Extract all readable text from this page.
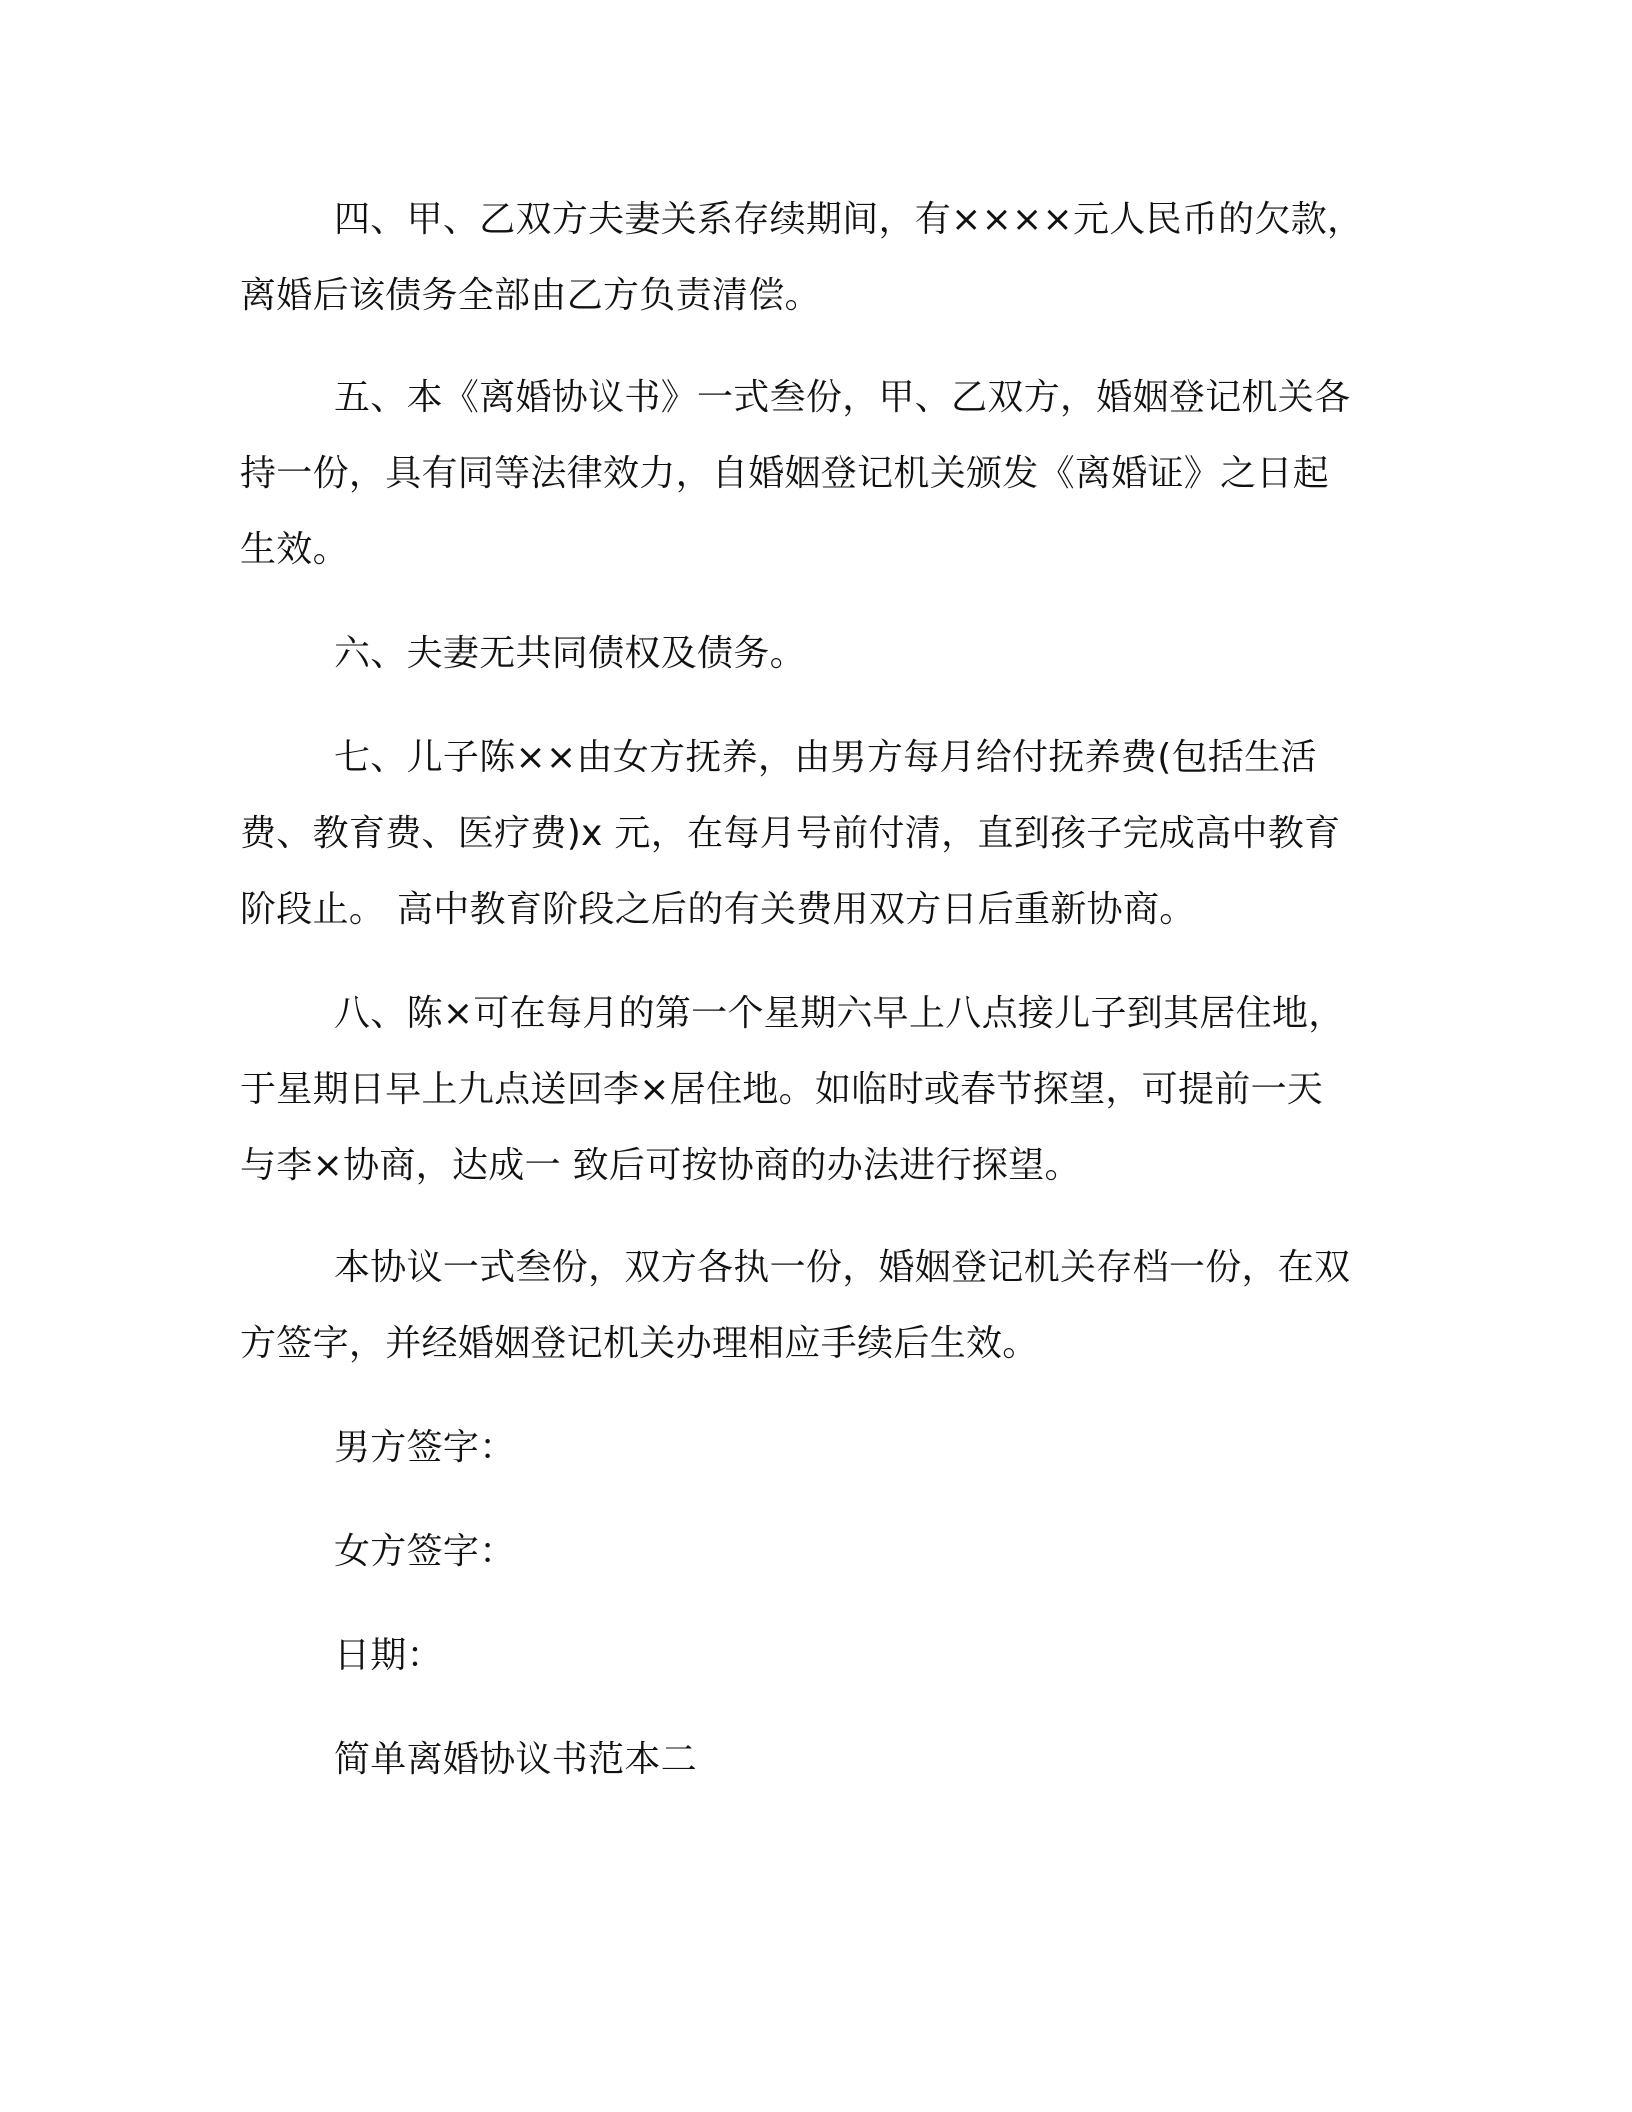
四、甲、乙双方夫妻关系存续期间，有××××元人民币的欠款，
离婚后该债务全部由乙方负责清偿。
五、本《离婚协议书》一式叁份，甲、乙双方，婚姻登记机关各
持一份，具有同等法律效力，自婚姻登记机关颁发《离婚证》之日起
生效。
六、夫妻无共同债权及债务。
七、儿子陈××由女方抚养，由男方每月给付抚养费(包括生活
费、教育费、医疗费)x 元，在每月号前付清，直到孩子完成高中教育
阶段止。 高中教育阶段之后的有关费用双方日后重新协商。
八、陈×可在每月的第一个星期六早上八点接儿子到其居住地，
于星期日早上九点送回李×居住地。如临时或春节探望，可提前一天
与李×协商，达成一 致后可按协商的办法进行探望。
本协议一式叁份，双方各执一份，婚姻登记机关存档一份，在双
方签字，并经婚姻登记机关办理相应手续后生效。
男方签字：
女方签字：
日期：
简单离婚协议书范本二
